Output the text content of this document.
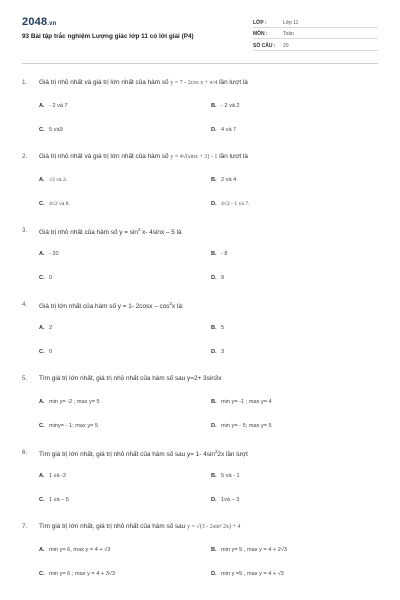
2048.vn
93 Bài tập trắc nghiệm Lượng giác lớp 11 có lời giải (P4)
LỚP :	Lớp 11
MÔN :	Toán
SỐ CÂU :	20
1. Giá trị nhỏ nhất và giá trị lớn nhất của hàm số y = 7 - 2cos x + π/4 lần lượt là
A. - 2 và 7	B. - 2 và 2
C. 5 và9	D. 4 và 7
2. Giá trị nhỏ nhất và giá trị lớn nhất của hàm số y = 4√(sinx + 3) - 1 lần lượt là
A. √2 và 2.	B. 2 và 4
C. 4√2 và 8.	D. 4√2 - 1 và 7.
3. Giá trị nhỏ nhất của hàm số $y = \sin^2 x-$ 4sinx – 5 là
A. - 20	B. - 8
C. 0	D. 9
4. Giá trị lớn nhất của hàm số y = 1- $2\cos x - \cos^2x$ là:
A. 2	B. 5
C. 0	D. 3
5. Tìm giá trị lớn nhất, giá trị nhỏ nhất của hàm số sau y=2+ 3sin3x
A. min y= -2 ; max y= 5	B. min y= -1 ; max y= 4
C. miny= - 1; max y= 5	D. min y= - 5; max y= 5
6. Tìm giá trị lớn nhất, giá trị nhỏ nhất của hàm số sau y= 1- $4\sin^22x$ lần lượt
A. 1 và -2	B. 5 và - 1
C. 1 và – 5	D. 1và – 3
7. Tìm giá trị lớn nhất, giá trị nhỏ nhất của hàm số sau y = √(3 - 2sin² 2x) + 4
A. min y= 6, max y = 4 + √3	B. min y= 5 , max y = 4 + 2√3
C. min y= 6 ; max y = 4 + 3√3	D. min y =5 , max y = 4 + √3
